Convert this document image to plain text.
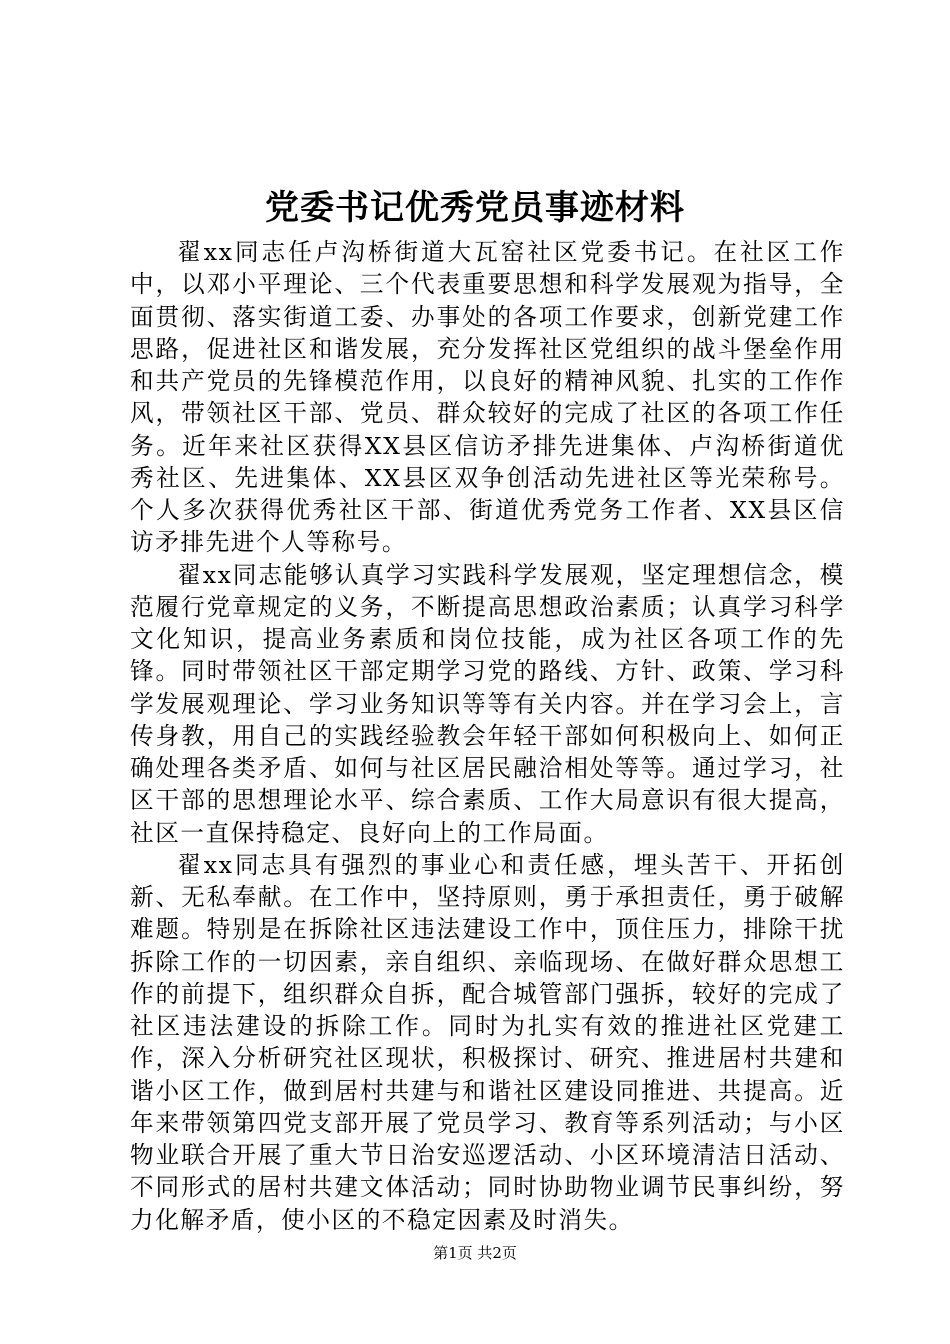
党委书记优秀党员事迹材料

翟xx同志任卢沟桥街道大瓦窑社区党委书记。在社区工作中，以邓小平理论、三个代表重要思想和科学发展观为指导，全面贯彻、落实街道工委、办事处的各项工作要求，创新党建工作思路，促进社区和谐发展，充分发挥社区党组织的战斗堡垒作用和共产党员的先锋模范作用，以良好的精神风貌、扎实的工作作风，带领社区干部、党员、群众较好的完成了社区的各项工作任务。近年来社区获得XX县区信访矛排先进集体、卢沟桥街道优秀社区、先进集体、XX县区双争创活动先进社区等光荣称号。个人多次获得优秀社区干部、街道优秀党务工作者、XX县区信访矛排先进个人等称号。

翟xx同志能够认真学习实践科学发展观，坚定理想信念，模范履行党章规定的义务，不断提高思想政治素质；认真学习科学文化知识，提高业务素质和岗位技能，成为社区各项工作的先锋。同时带领社区干部定期学习党的路线、方针、政策、学习科学发展观理论、学习业务知识等等有关内容。并在学习会上，言传身教，用自己的实践经验教会年轻干部如何积极向上、如何正确处理各类矛盾、如何与社区居民融洽相处等等。通过学习，社区干部的思想理论水平、综合素质、工作大局意识有很大提高，社区一直保持稳定、良好向上的工作局面。

翟xx同志具有强烈的事业心和责任感，埋头苦干、开拓创新、无私奉献。在工作中，坚持原则，勇于承担责任，勇于破解难题。特别是在拆除社区违法建设工作中，顶住压力，排除干扰拆除工作的一切因素，亲自组织、亲临现场、在做好群众思想工作的前提下，组织群众自拆，配合城管部门强拆，较好的完成了社区违法建设的拆除工作。同时为扎实有效的推进社区党建工作，深入分析研究社区现状，积极探讨、研究、推进居村共建和谐小区工作，做到居村共建与和谐社区建设同推进、共提高。近年来带领第四党支部开展了党员学习、教育等系列活动；与小区物业联合开展了重大节日治安巡逻活动、小区环境清洁日活动、不同形式的居村共建文体活动；同时协助物业调节民事纠纷，努力化解矛盾，使小区的不稳定因素及时消失。

第1页 共2页
